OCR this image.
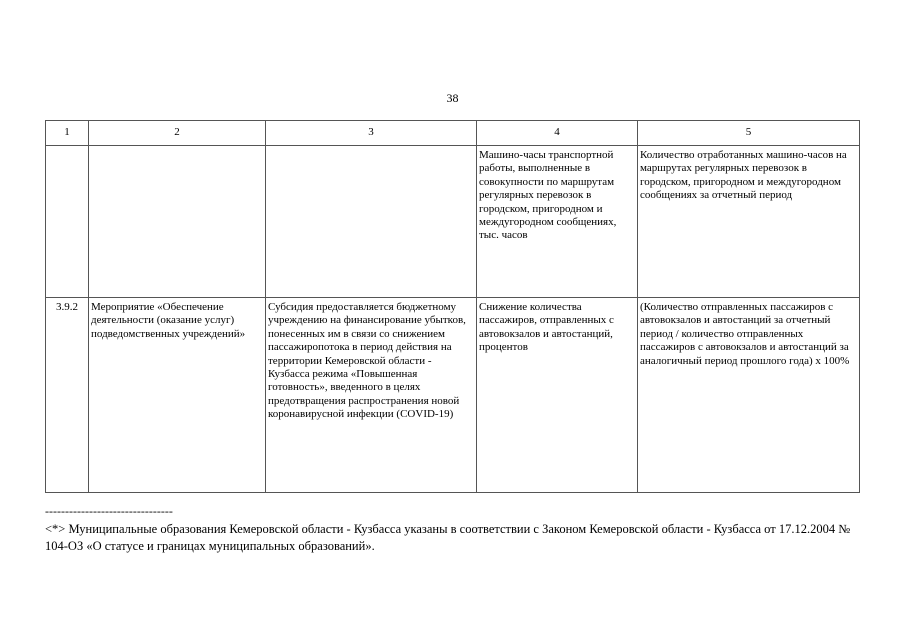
38
1	2	3	4	5
			Машино-часы транспортной работы, выполненные в совокупности по маршрутам регулярных перевозок в городском, пригородном и междугородном сообщениях, тыс. часов	Количество отработанных машино-часов на маршрутах регулярных перевозок в городском, пригородном и междугородном сообщениях за отчетный период
3.9.2	Мероприятие «Обеспечение деятельности (оказание услуг) подведомственных учреждений»	Субсидия предоставляется бюджетному учреждению на финансирование убытков, понесенных им в связи со снижением пассажиропотока в период действия на территории Кемеровской области - Кузбасса режима «Повышенная готовность», введенного в целях предотвращения распространения новой коронавирусной инфекции (COVID-19)	Снижение количества пассажиров, отправленных с автовокзалов и автостанций, процентов	(Количество отправленных пассажиров с автовокзалов и автостанций за отчетный период / количество отправленных пассажиров с автовокзалов и автостанций за аналогичный период прошлого года) x 100%
--------------------------------
<*> Муниципальные образования Кемеровской области - Кузбасса указаны в соответствии с Законом Кемеровской области - Кузбасса от 17.12.2004 № 104-ОЗ «О статусе и границах муниципальных образований».
